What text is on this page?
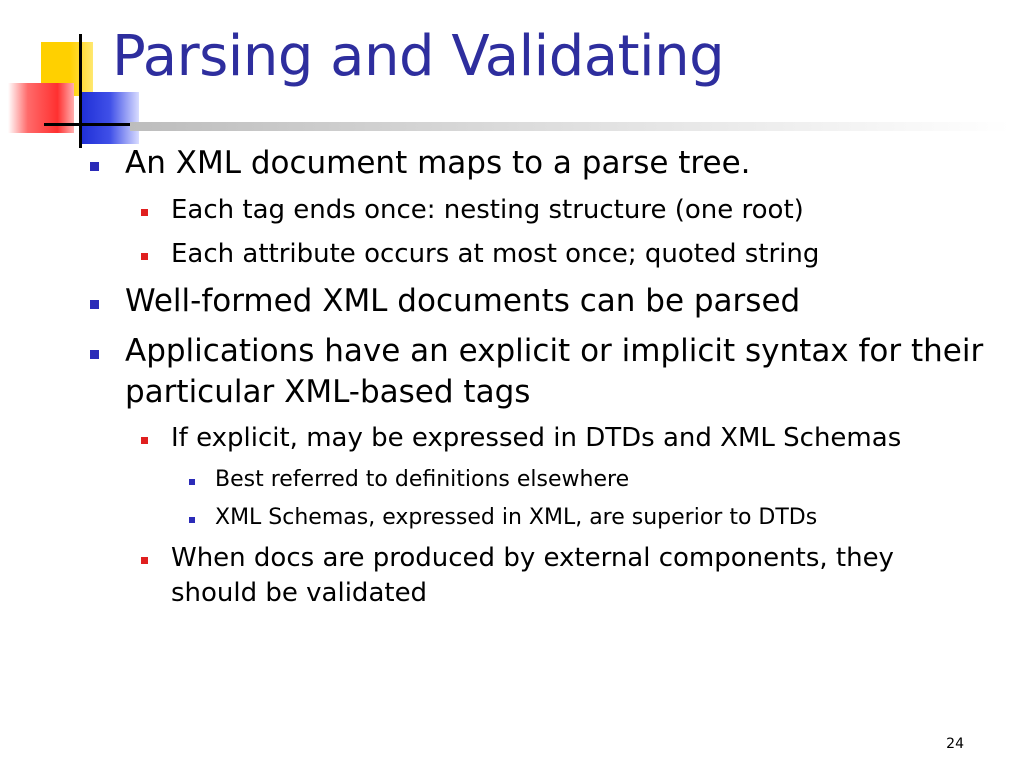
Parsing and Validating
An XML document maps to a parse tree.
Each tag ends once: nesting structure (one root)
Each attribute occurs at most once; quoted string
Well-formed XML documents can be parsed
Applications have an explicit or implicit syntax for their particular XML-based tags
If explicit, may be expressed in DTDs and XML Schemas
Best referred to definitions elsewhere
XML Schemas, expressed in XML, are superior to DTDs
When docs are produced by external components, they should be validated
24
